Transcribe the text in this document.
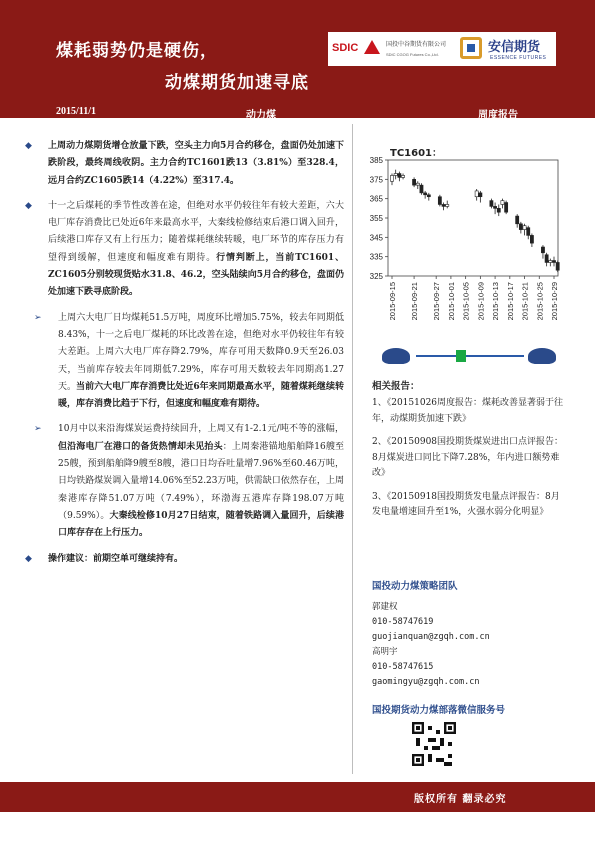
煤耗弱势仍是硬伤，
动煤期货加速寻底
SDIC	国投中谷期货有限公司
SDIC CGOG Futures Co.,Ltd.	安信期货
ESSENCE FUTURES
2015/11/1	动力煤	周度报告
◆ 上周动力煤期货增仓放量下跌，空头主力向5月合约移仓，盘面仍处加速下跌阶段，最终周线收阴。主力合约TC1601跌13（3.81%）至328.4，远月合约ZC1605跌14（4.22%）至317.4。
◆ 十一之后煤耗的季节性改善在途，但绝对水平仍较往年有较大差距，六大电厂库存消费比已处近6年来最高水平，大秦线检修结束后港口调入回升，后续港口库存又有上行压力；随着煤耗继续转暖，电厂环节的库存压力有望得到缓解，但速度和幅度难有期待。行情判断上，当前TC1601、ZC1605分别较现货贴水31.8、46.2，空头陆续向5月合约移仓，盘面仍处加速下跌寻底阶段。
➢ 上周六大电厂日均煤耗51.5万吨，周度环比增加5.75%，较去年同期低8.43%，十一之后电厂煤耗的环比改善在途，但绝对水平仍较往年有较大差距。上周六大电厂库存降2.79%，库存可用天数降0.9天至26.03天，当前库存较去年同期低7.29%，库存可用天数较去年同期高1.27天。当前六大电厂库存消费比处近6年来同期最高水平，随着煤耗继续转暖，库存消费比趋于下行，但速度和幅度难有期待。
➢ 10月中以来沿海煤炭运费持续回升，上周又有1-2.1元/吨不等的涨幅，但沿海电厂在港口的备货热情却未见抬头：上周秦港锚地船舶降16艘至25艘，预到船舶降9艘至8艘，港口日均吞吐量增7.96%至60.46万吨，日均铁路煤炭调入量增14.06%至52.23万吨，供需缺口依然存在，上周秦港库存降51.07万吨（7.49%），环渤海五港库存降198.07万吨（9.59%）。大秦线检修10月27日结束，随着铁路调入量回升，后续港口库存存在上行压力。
◆ 操作建议：前期空单可继续持有。
TC1601：
325
335
345
355
365
375
385
2015-09-15 2015-09-21 2015-09-27 2015-10-01 2015-10-05 2015-10-09 2015-10-13 2015-10-17 2015-10-21 2015-10-25 2015-10-29
相关报告：
1、《20151026周度报告：煤耗改善显著弱于往年，动煤期货加速下跌》
2、《20150908国投期货煤炭进出口点评报告：8月煤炭进口同比下降7.28%，年内进口额势难改》
3、《20150918国投期货发电量点评报告：8月发电量增速回升至1%，火强水弱分化明显》
国投动力煤策略团队
郭建权
010-58747619
guojianquan@zgqh.com.cn
高明宇
010-58747615
gaomingyu@zgqh.com.cn
国投期货动力煤部落微信服务号
版权所有 翻录必究
